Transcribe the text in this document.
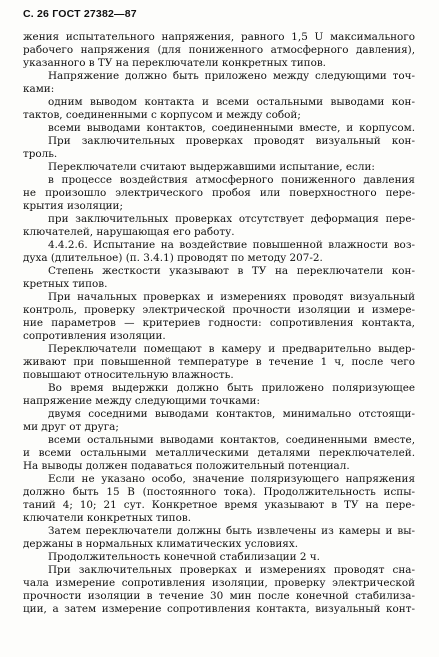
С. 26 ГОСТ 27382—87
жения испытательного напряжения, равного 1,5 U максимального
рабочего напряжения (для пониженного атмосферного давления),
указанного в ТУ на переключатели конкретных типов.
Напряжение должно быть приложено между следующими точ-
ками:
одним выводом контакта и всеми остальными выводами кон-
тактов, соединенными с корпусом и между собой;
всеми выводами контактов, соединенными вместе, и корпусом.
При заключительных проверках проводят визуальный кон-
троль.
Переключатели считают выдержавшими испытание, если:
в процессе воздействия атмосферного пониженного давления
не произошло электрического пробоя или поверхностного пере-
крытия изоляции;
при заключительных проверках отсутствует деформация пере-
ключателей, нарушающая его работу.
4.4.2.6. Испытание на воздействие повышенной влажности воз-
духа (длительное) (п. 3.4.1) проводят по методу 207-2.
Степень жесткости указывают в ТУ на переключатели кон-
кретных типов.
При начальных проверках и измерениях проводят визуальный
контроль, проверку электрической прочности изоляции и измере-
ние параметров — критериев годности: сопротивления контакта,
сопротивления изоляции.
Переключатели помещают в камеру и предварительно выдер-
живают при повышенной температуре в течение 1 ч, после чего
повышают относительную влажность.
Во время выдержки должно быть приложено поляризующее
напряжение между следующими точками:
двумя соседними выводами контактов, минимально отстоящи-
ми друг от друга;
всеми остальными выводами контактов, соединенными вместе,
и всеми остальными металлическими деталями переключателей.
На выводы должен подаваться положительный потенциал.
Если не указано особо, значение поляризующего напряжения
должно быть 15 В (постоянного тока). Продолжительность испы-
таний 4; 10; 21 сут. Конкретное время указывают в ТУ на пере-
ключатели конкретных типов.
Затем переключатели должны быть извлечены из камеры и вы-
держаны в нормальных климатических условиях.
Продолжительность конечной стабилизации 2 ч.
При заключительных проверках и измерениях проводят сна-
чала измерение сопротивления изоляции, проверку электрической
прочности изоляции в течение 30 мин после конечной стабилиза-
ции, а затем измерение сопротивления контакта, визуальный конт-
